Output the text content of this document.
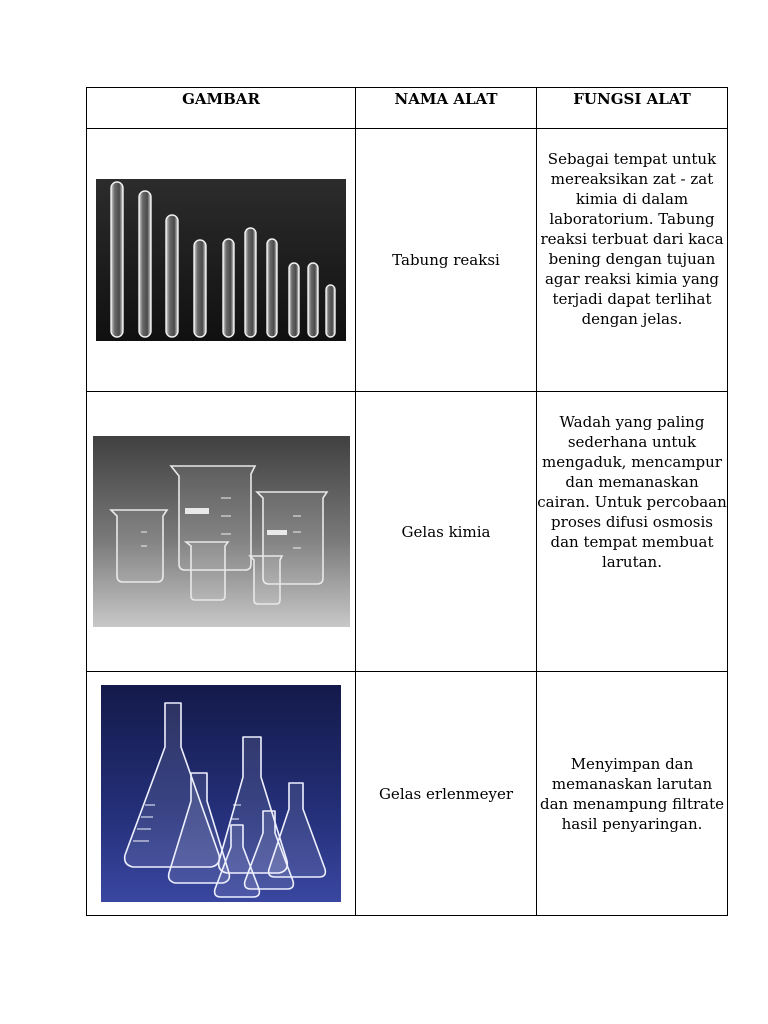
GAMBAR	NAMA ALAT	FUNGSI ALAT

	Tabung reaksi	Sebagai tempat untuk mereaksikan zat - zat kimia di dalam laboratorium. Tabung reaksi terbuat dari kaca bening dengan tujuan agar reaksi kimia yang terjadi dapat terlihat dengan jelas.

	Gelas kimia	Wadah yang paling sederhana untuk mengaduk, mencampur dan memanaskan cairan. Untuk percobaan proses difusi osmosis dan tempat membuat larutan.

	Gelas erlenmeyer	Menyimpan dan memanaskan larutan dan menampung filtrate hasil penyaringan.
